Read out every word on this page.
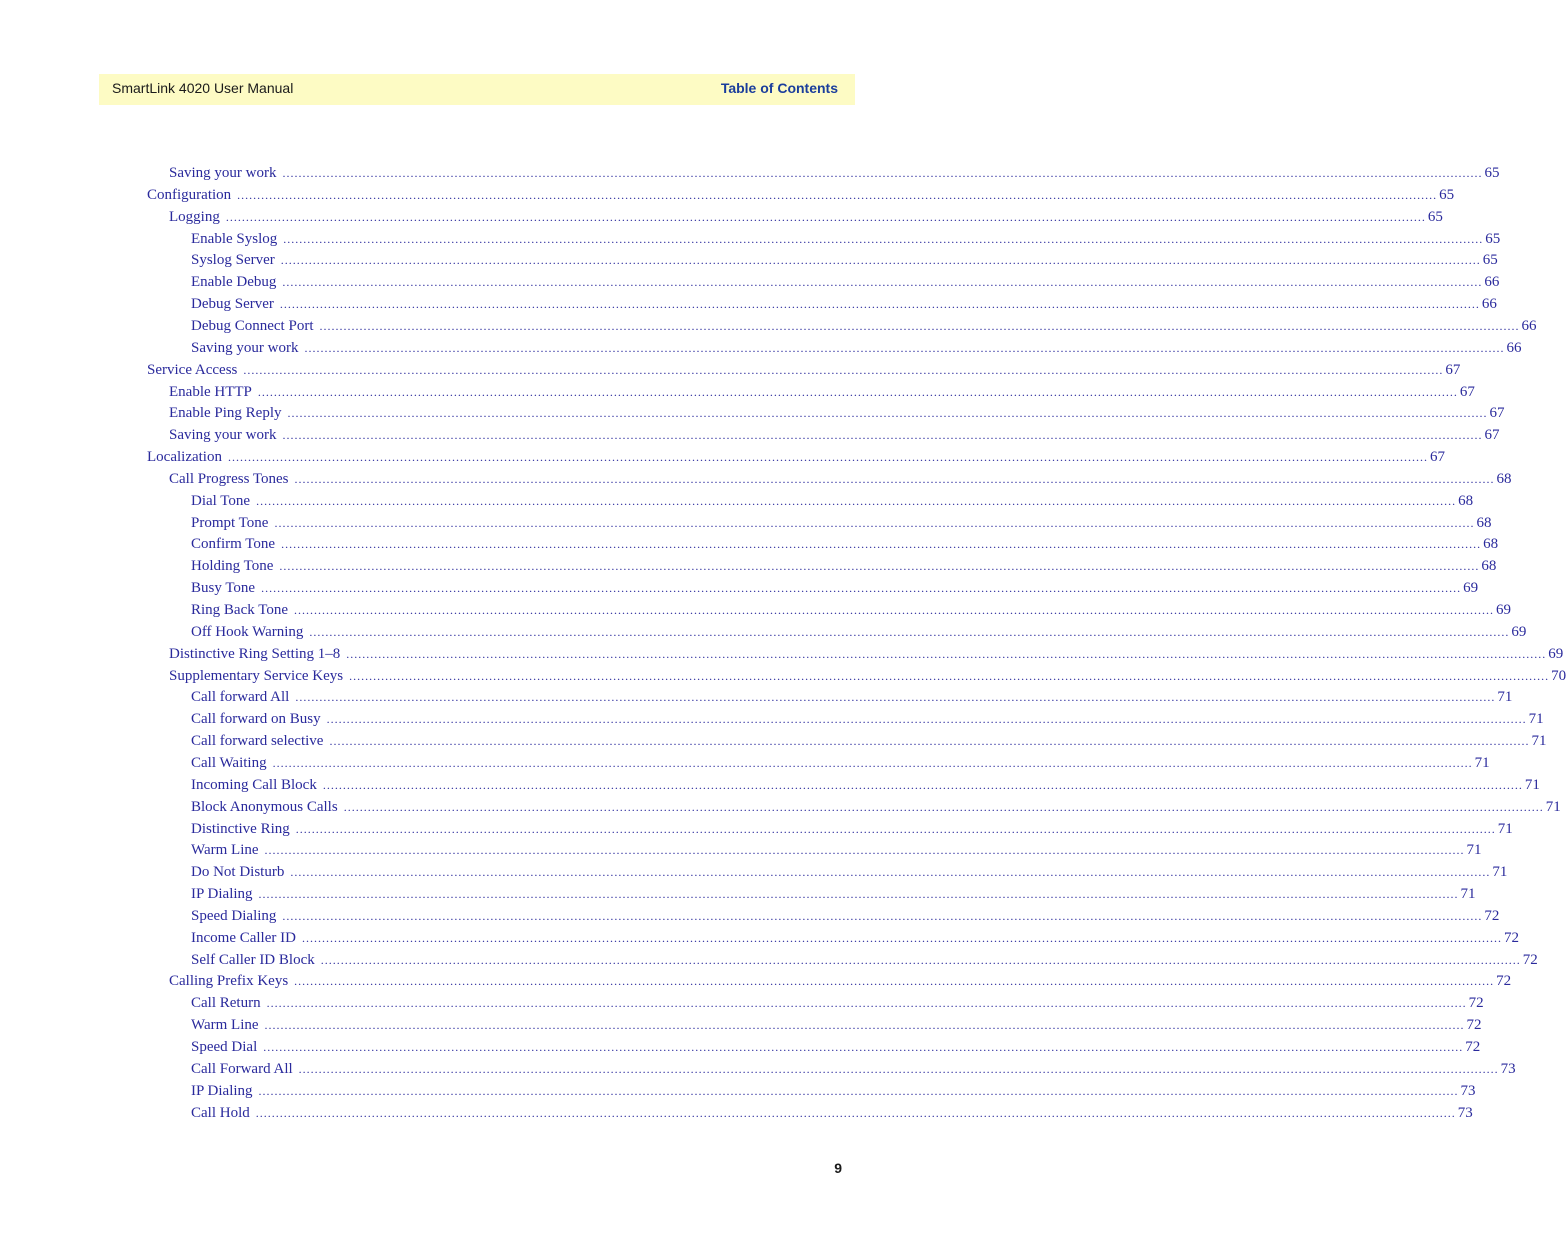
SmartLink 4020 User Manual	Table of Contents
Saving your work ............................................................................................................................................................................................................................................................................................................ 65
Configuration ............................................................................................................................................................................................................................................................................................................ 65
Logging ............................................................................................................................................................................................................................................................................................................ 65
Enable Syslog ............................................................................................................................................................................................................................................................................................................ 65
Syslog Server ............................................................................................................................................................................................................................................................................................................ 65
Enable Debug ............................................................................................................................................................................................................................................................................................................ 66
Debug Server ............................................................................................................................................................................................................................................................................................................ 66
Debug Connect Port ............................................................................................................................................................................................................................................................................................................ 66
Saving your work ............................................................................................................................................................................................................................................................................................................ 66
Service Access ............................................................................................................................................................................................................................................................................................................ 67
Enable HTTP ............................................................................................................................................................................................................................................................................................................ 67
Enable Ping Reply ............................................................................................................................................................................................................................................................................................................ 67
Saving your work ............................................................................................................................................................................................................................................................................................................ 67
Localization ............................................................................................................................................................................................................................................................................................................ 67
Call Progress Tones ............................................................................................................................................................................................................................................................................................................ 68
Dial Tone ............................................................................................................................................................................................................................................................................................................ 68
Prompt Tone ............................................................................................................................................................................................................................................................................................................ 68
Confirm Tone ............................................................................................................................................................................................................................................................................................................ 68
Holding Tone ............................................................................................................................................................................................................................................................................................................ 68
Busy Tone ............................................................................................................................................................................................................................................................................................................ 69
Ring Back Tone ............................................................................................................................................................................................................................................................................................................ 69
Off Hook Warning ............................................................................................................................................................................................................................................................................................................ 69
Distinctive Ring Setting 1–8 ............................................................................................................................................................................................................................................................................................................ 69
Supplementary Service Keys ............................................................................................................................................................................................................................................................................................................ 70
Call forward All ............................................................................................................................................................................................................................................................................................................ 71
Call forward on Busy ............................................................................................................................................................................................................................................................................................................ 71
Call forward selective ............................................................................................................................................................................................................................................................................................................ 71
Call Waiting ............................................................................................................................................................................................................................................................................................................ 71
Incoming Call Block ............................................................................................................................................................................................................................................................................................................ 71
Block Anonymous Calls ............................................................................................................................................................................................................................................................................................................ 71
Distinctive Ring ............................................................................................................................................................................................................................................................................................................ 71
Warm Line ............................................................................................................................................................................................................................................................................................................ 71
Do Not Disturb ............................................................................................................................................................................................................................................................................................................ 71
IP Dialing ............................................................................................................................................................................................................................................................................................................ 71
Speed Dialing ............................................................................................................................................................................................................................................................................................................ 72
Income Caller ID ............................................................................................................................................................................................................................................................................................................ 72
Self Caller ID Block ............................................................................................................................................................................................................................................................................................................ 72
Calling Prefix Keys ............................................................................................................................................................................................................................................................................................................ 72
Call Return ............................................................................................................................................................................................................................................................................................................ 72
Warm Line ............................................................................................................................................................................................................................................................................................................ 72
Speed Dial ............................................................................................................................................................................................................................................................................................................ 72
Call Forward All ............................................................................................................................................................................................................................................................................................................ 73
IP Dialing ............................................................................................................................................................................................................................................................................................................ 73
Call Hold ............................................................................................................................................................................................................................................................................................................ 73
9
